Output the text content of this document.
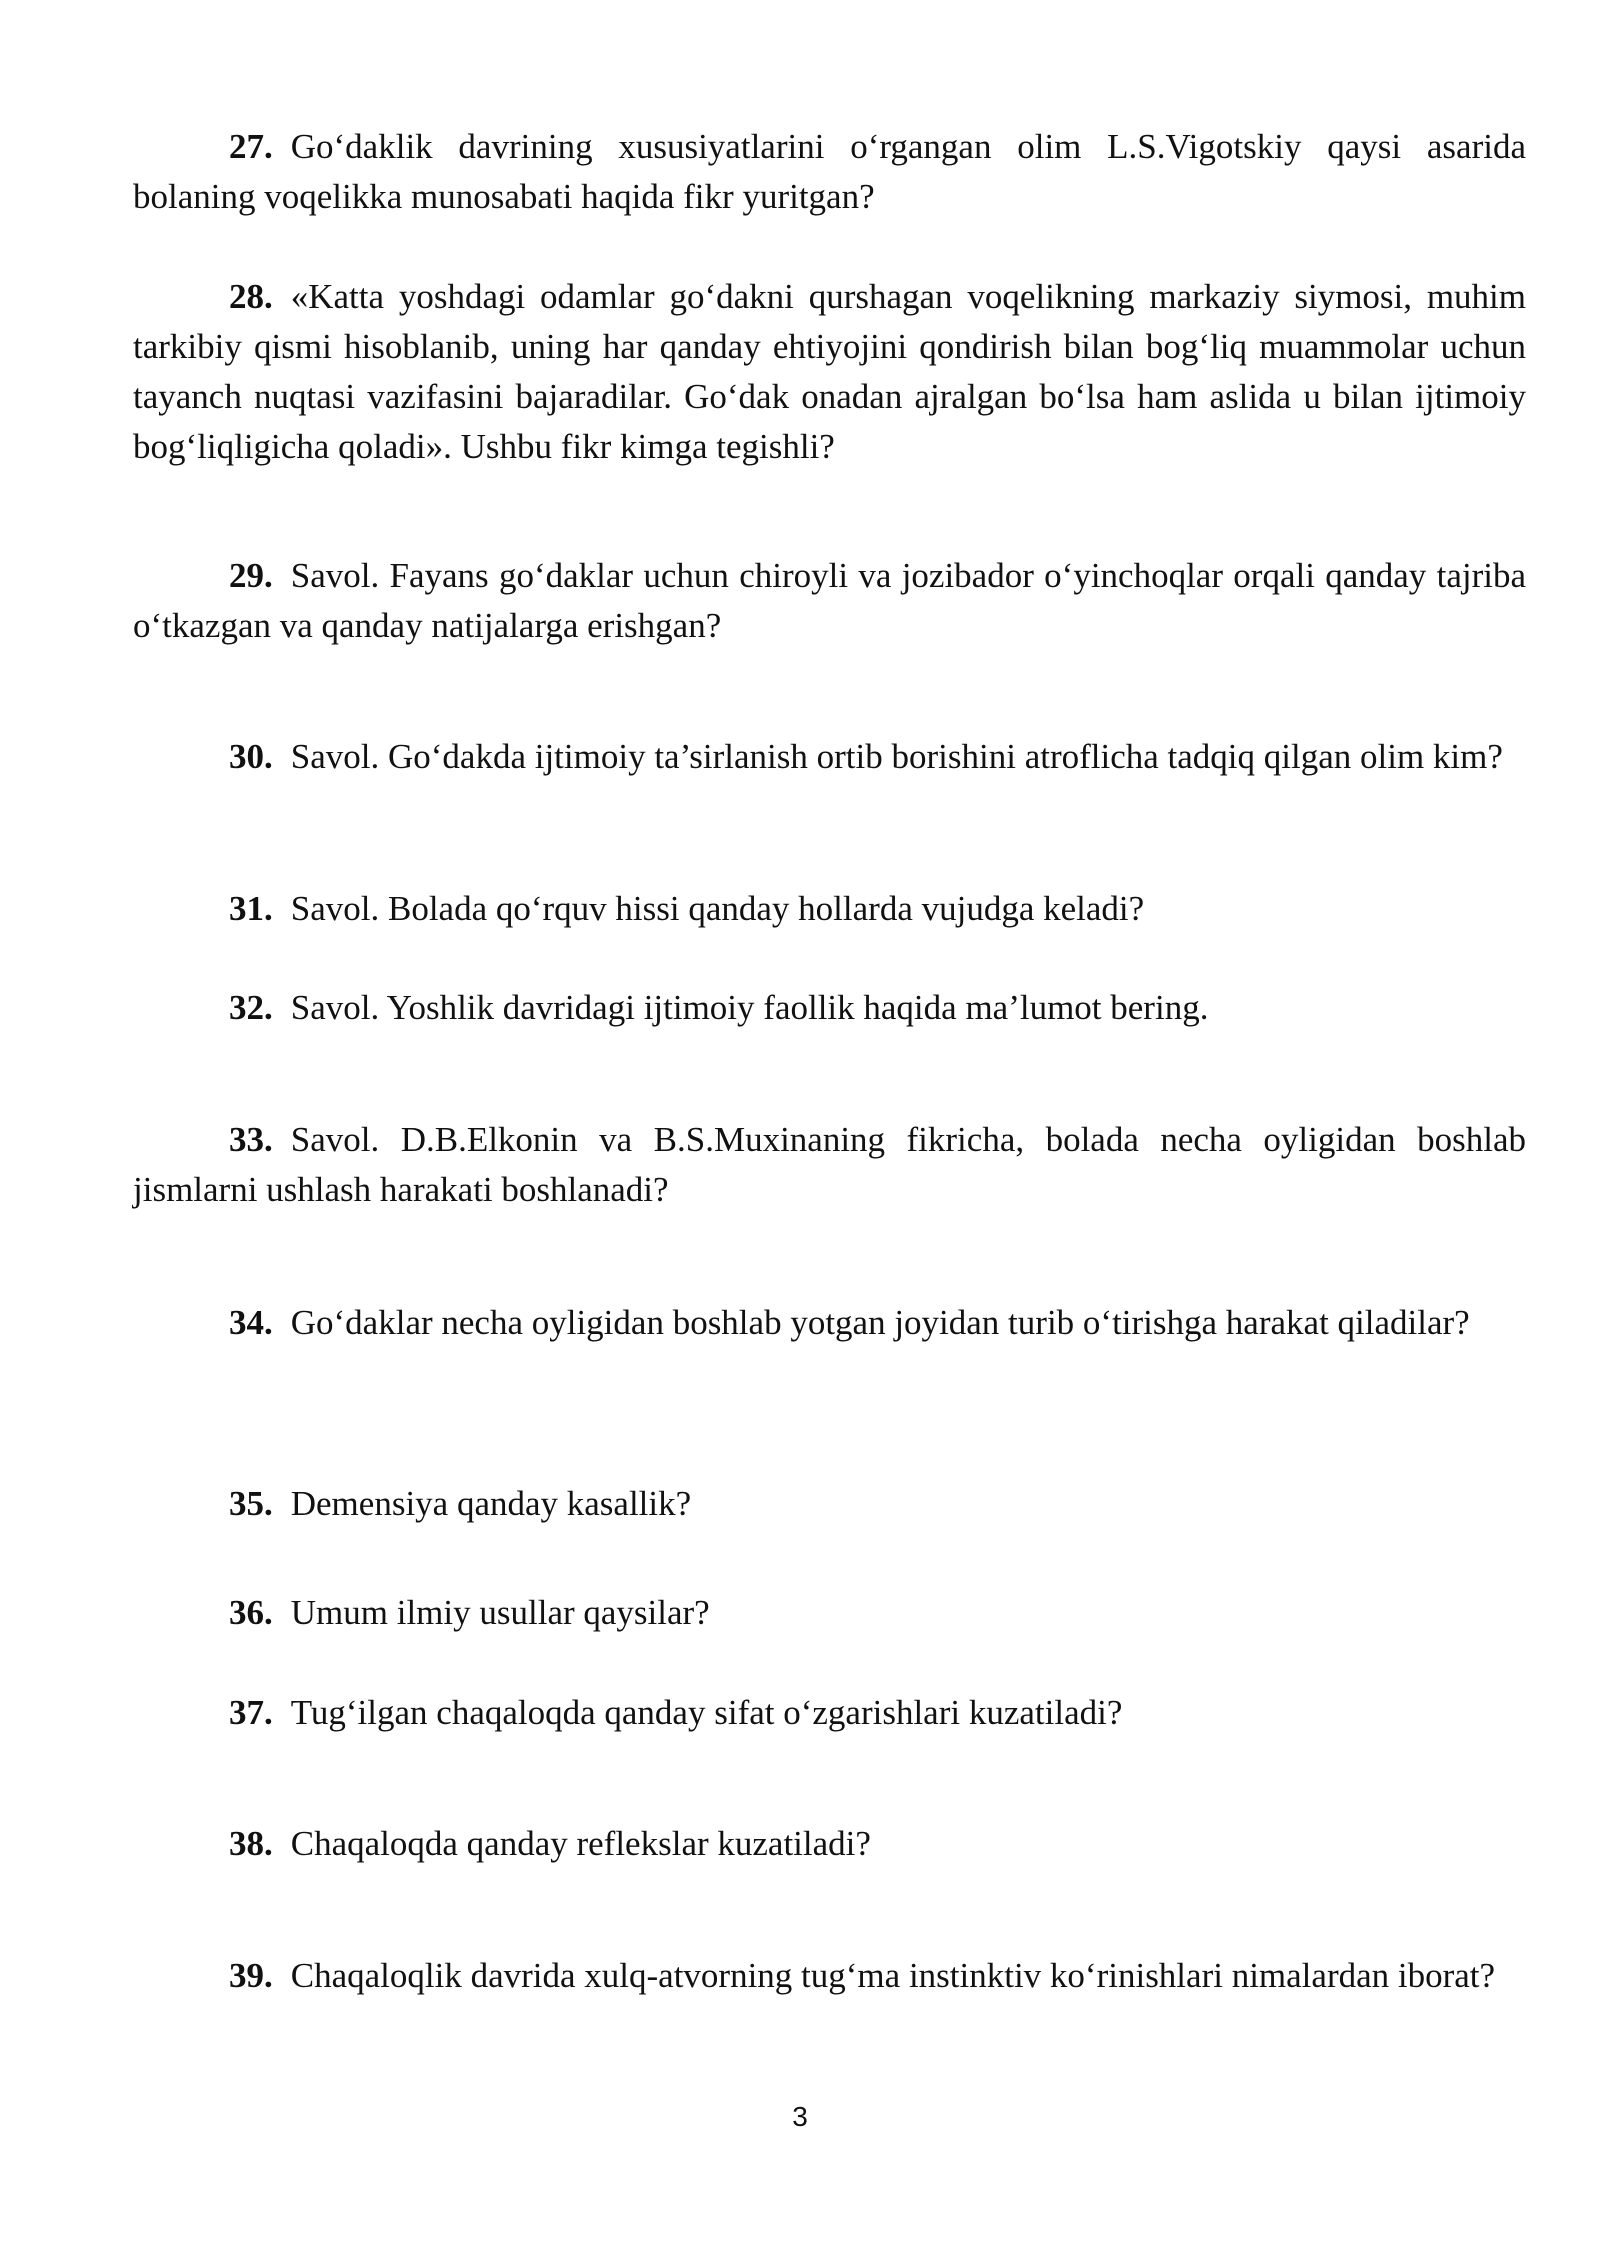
27. Go‘daklik davrining xususiyatlarini o‘rgangan olim L.S.Vigotskiy qaysi asarida bolaning voqelikka munosabati haqida fikr yuritgan?

28. «Katta yoshdagi odamlar go‘dakni qurshagan voqelikning markaziy siymosi, muhim tarkibiy qismi hisoblanib, uning har qanday ehtiyojini qondirish bilan bog‘liq muammolar uchun tayanch nuqtasi vazifasini bajaradilar. Go‘dak onadan ajralgan bo‘lsa ham aslida u bilan ijtimoiy bog‘liqligicha qoladi». Ushbu fikr kimga tegishli?

29. Savol. Fayans go‘daklar uchun chiroyli va jozibador o‘yinchoqlar orqali qanday tajriba o‘tkazgan va qanday natijalarga erishgan?

30. Savol. Go‘dakda ijtimoiy ta’sirlanish ortib borishini atroflicha tadqiq qilgan olim kim?

31. Savol. Bolada qo‘rquv hissi qanday hollarda vujudga keladi?

32. Savol. Yoshlik davridagi ijtimoiy faollik haqida ma’lumot bering.

33. Savol. D.B.Elkonin va B.S.Muxinaning fikricha, bolada necha oyligidan boshlab jismlarni ushlash harakati boshlanadi?

34. Go‘daklar necha oyligidan boshlab yotgan joyidan turib o‘tirishga harakat qiladilar?

35. Demensiya qanday kasallik?

36. Umum ilmiy usullar qaysilar?

37. Tug‘ilgan chaqaloqda qanday sifat o‘zgarishlari kuzatiladi?

38. Chaqaloqda qanday reflekslar kuzatiladi?

39. Chaqaloqlik davrida xulq-atvorning tug‘ma instinktiv ko‘rinishlari nimalardan iborat?

3
